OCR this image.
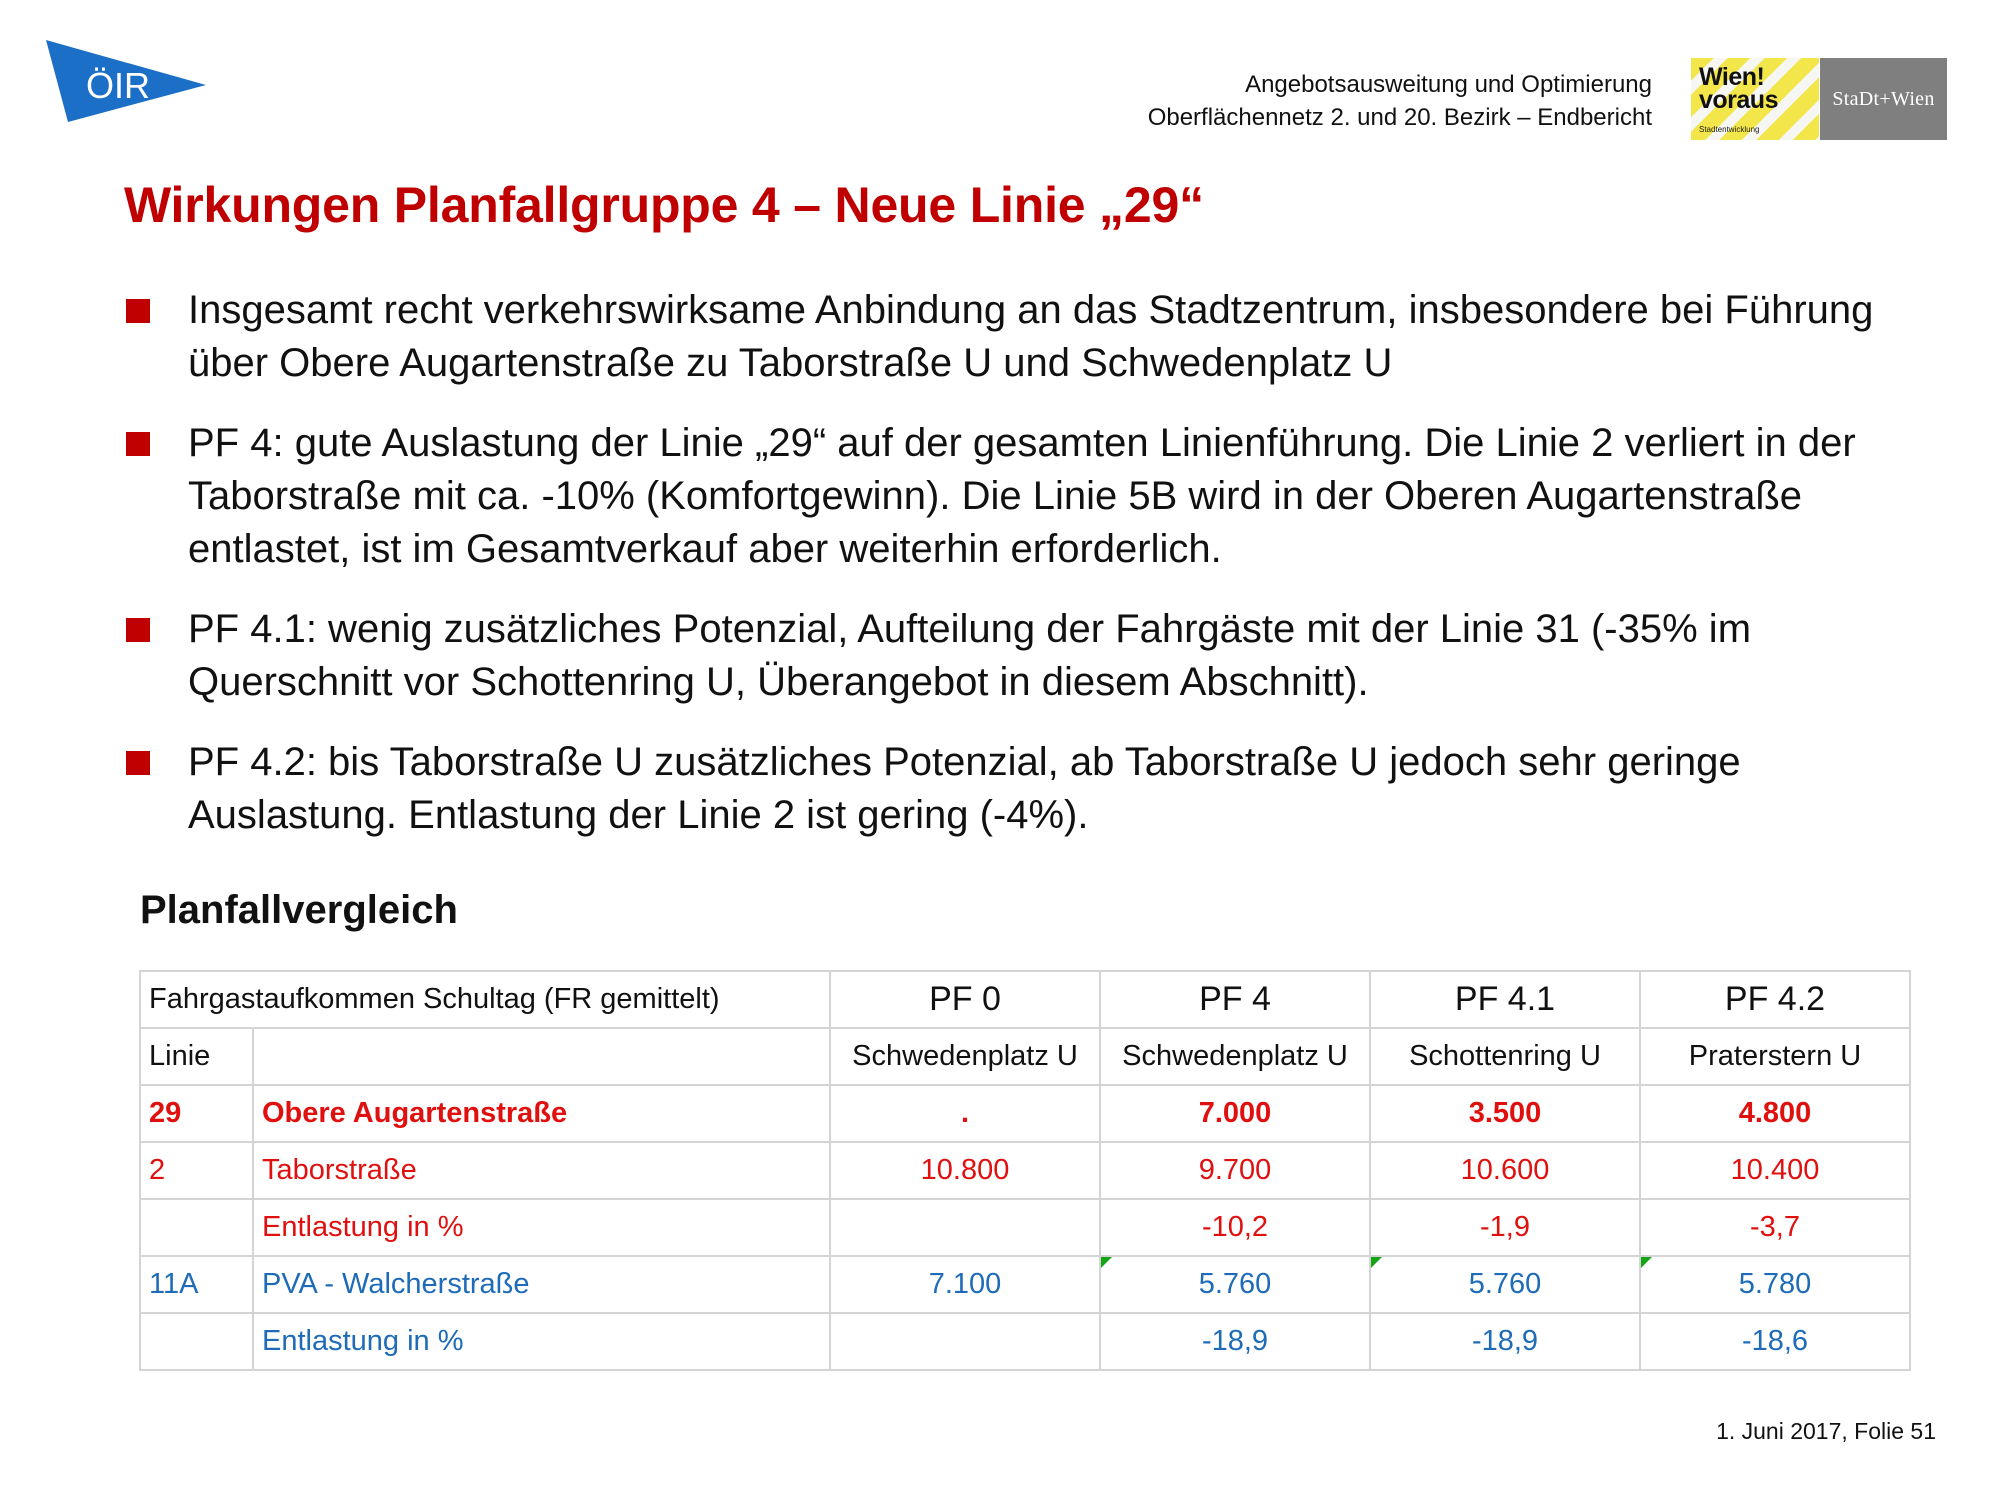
ÖIR	Angebotsausweitung und Optimierung
Oberflächennetz 2. und 20. Bezirk – Endbericht
Wien!
voraus
Stadtentwicklung
StaDt+Wien
Wirkungen Planfallgruppe 4 – Neue Linie „29“
Insgesamt recht verkehrswirksame Anbindung an das Stadtzentrum, insbesondere bei Führung über Obere Augartenstraße zu Taborstraße U und Schwedenplatz U
PF 4: gute Auslastung der Linie „29“ auf der gesamten Linienführung. Die Linie 2 verliert in der Taborstraße mit ca. -10% (Komfortgewinn). Die Linie 5B wird in der Oberen Augartenstraße entlastet, ist im Gesamtverkauf aber weiterhin erforderlich.
PF 4.1: wenig zusätzliches Potenzial, Aufteilung der Fahrgäste mit der Linie 31 (-35% im Querschnitt vor Schottenring U, Überangebot in diesem Abschnitt).
PF 4.2: bis Taborstraße U zusätzliches Potenzial, ab Taborstraße U jedoch sehr geringe Auslastung. Entlastung der Linie 2 ist gering (-4%).
Planfallvergleich
Fahrgastaufkommen Schultag (FR gemittelt)		PF 0	PF 4	PF 4.1	PF 4.2
Linie		Schwedenplatz U	Schwedenplatz U	Schottenring U	Praterstern U
29	Obere Augartenstraße	.	7.000	3.500	4.800
2	Taborstraße	10.800	9.700	10.600	10.400
	Entlastung in %		-10,2	-1,9	-3,7
11A	PVA - Walcherstraße	7.100	5.760	5.760	5.780
	Entlastung in %		-18,9	-18,9	-18,6
1. Juni 2017, Folie 51
